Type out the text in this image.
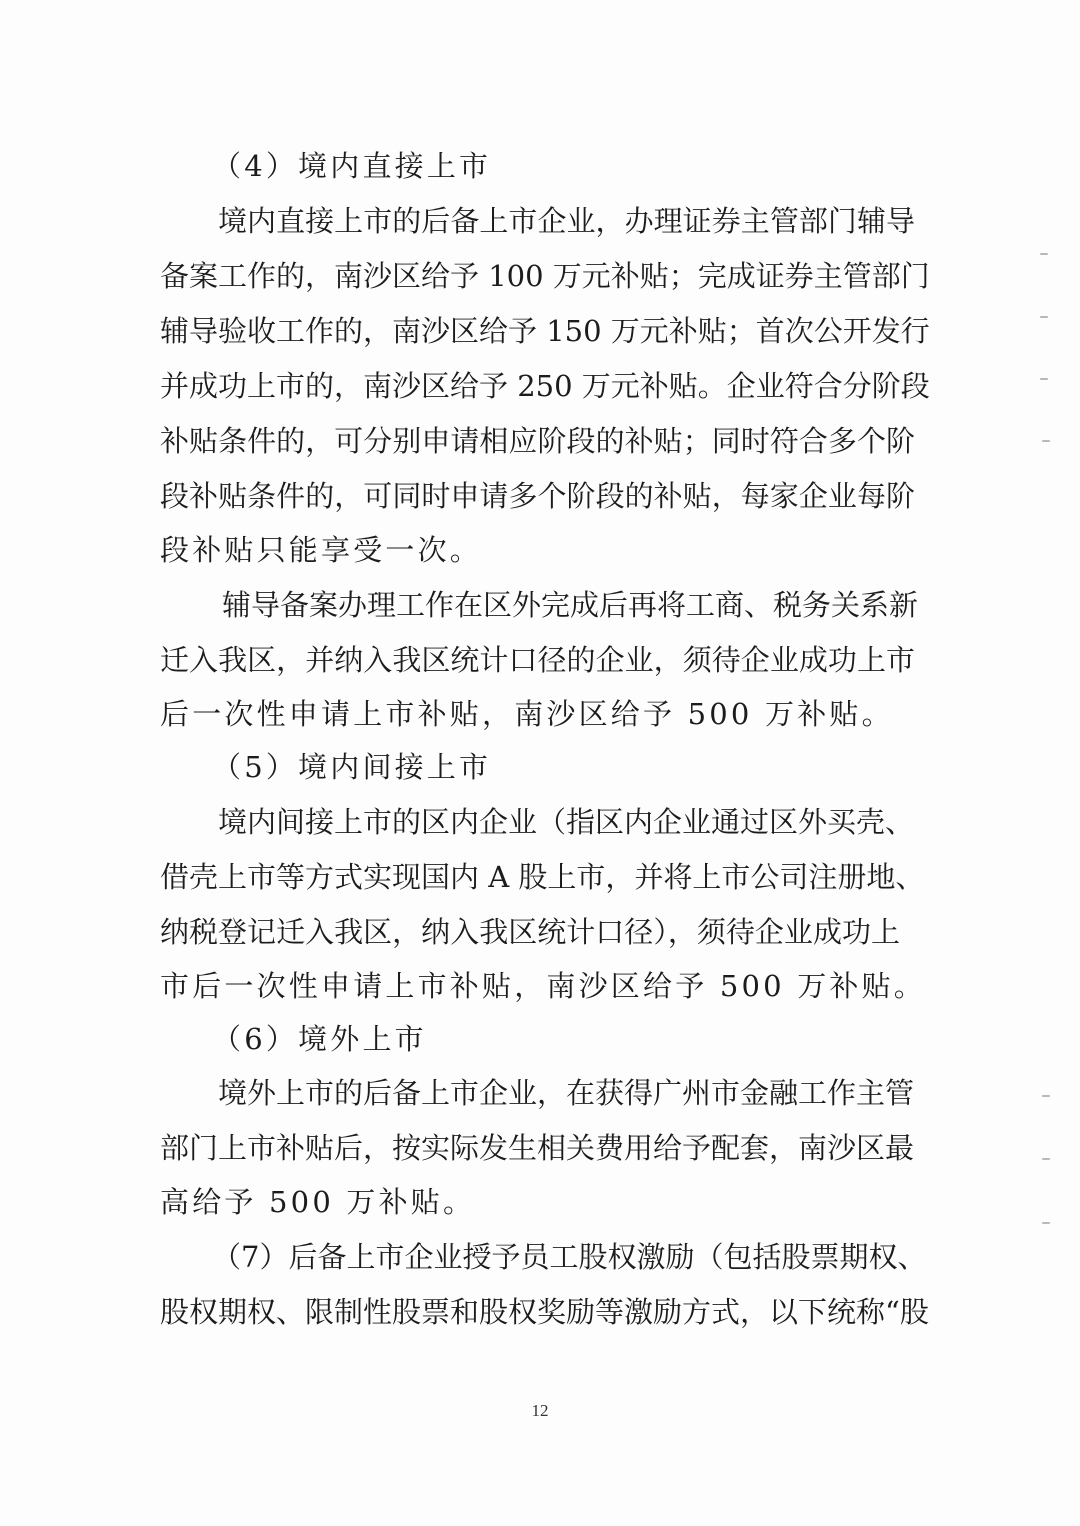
（4）境内直接上市
境内直接上市的后备上市企业，办理证券主管部门辅导
备案工作的，南沙区给予 100 万元补贴；完成证券主管部门
辅导验收工作的，南沙区给予 150 万元补贴；首次公开发行
并成功上市的，南沙区给予 250 万元补贴。企业符合分阶段
补贴条件的，可分别申请相应阶段的补贴；同时符合多个阶
段补贴条件的，可同时申请多个阶段的补贴，每家企业每阶
段补贴只能享受一次。
辅导备案办理工作在区外完成后再将工商、税务关系新
迁入我区，并纳入我区统计口径的企业，须待企业成功上市
后一次性申请上市补贴，南沙区给予 500 万补贴。
（5）境内间接上市
境内间接上市的区内企业（指区内企业通过区外买壳、
借壳上市等方式实现国内 A 股上市，并将上市公司注册地、
纳税登记迁入我区，纳入我区统计口径），须待企业成功上
市后一次性申请上市补贴，南沙区给予 500 万补贴。
（6）境外上市
境外上市的后备上市企业，在获得广州市金融工作主管
部门上市补贴后，按实际发生相关费用给予配套，南沙区最
高给予 500 万补贴。
（7）后备上市企业授予员工股权激励（包括股票期权、
股权期权、限制性股票和股权奖励等激励方式，以下统称“股
12
